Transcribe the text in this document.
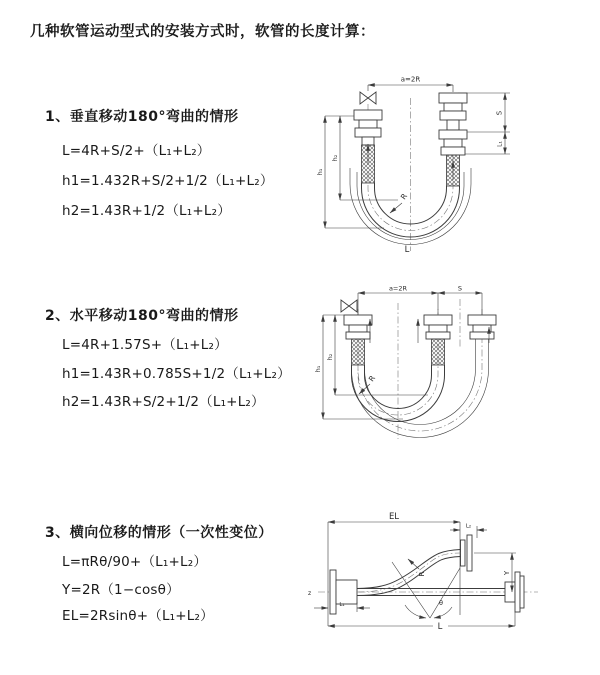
几种软管运动型式的安装方式时，软管的长度计算：
1、垂直移动180°弯曲的情形
L=4R+S/2+（L₁+L₂）
h1=1.432R+S/2+1/2（L₁+L₂）
h2=1.43R+1/2（L₁+L₂）
2、水平移动180°弯曲的情形
L=4R+1.57S+（L₁+L₂）
h1=1.43R+0.785S+1/2（L₁+L₂）
h2=1.43R+S/2+1/2（L₁+L₂）
3、横向位移的情形（一次性变位）
L=πRθ/90+（L₁+L₂）
Y=2R（1−cosθ）
EL=2Rsinθ+（L₁+L₂）
a=2R
S
L₁
h₁
h₂
R
L
a=2R	S
h₁
h₂
R
z
EL
L₂
θ
R	Y
L
L₁
